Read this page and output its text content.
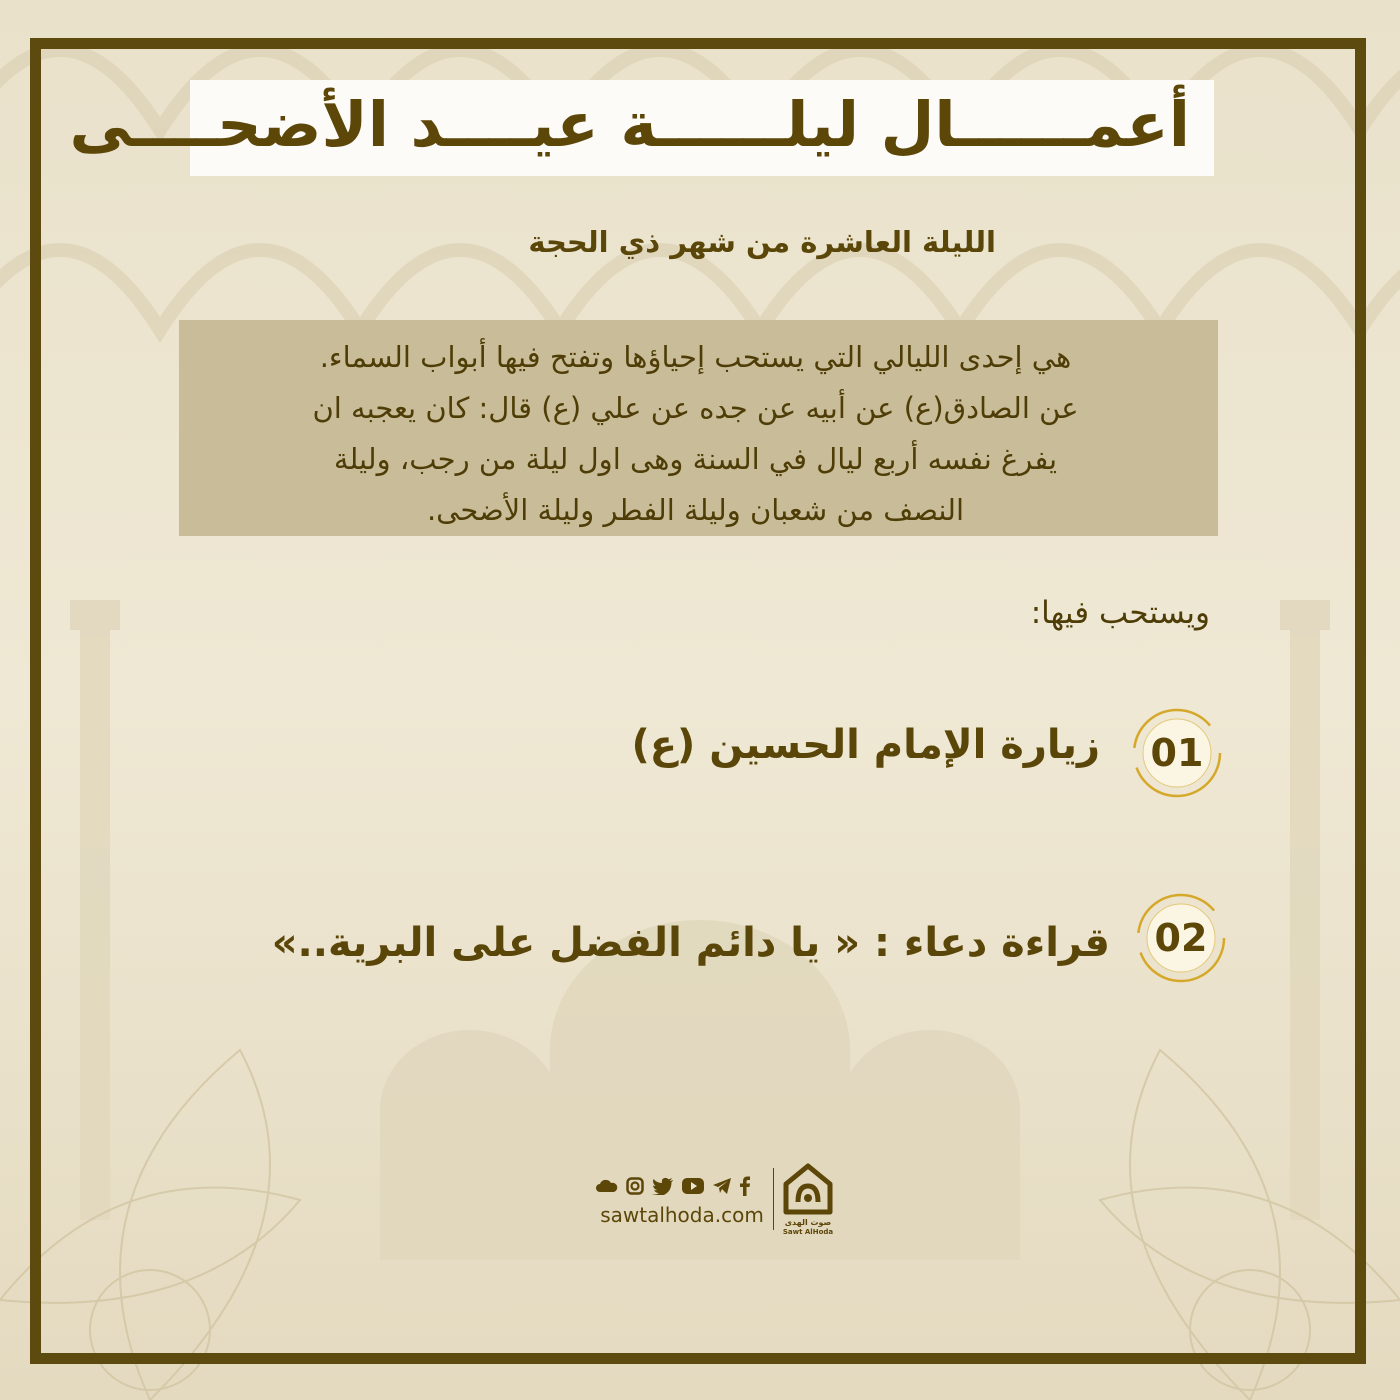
أعمــــــال ليلــــــة عيــــد الأضحــــى
الليلة العاشرة من شهر ذي الحجة

هي إحدى الليالي التي يستحب إحياؤها وتفتح فيها أبواب السماء.

عن الصادق(ع) عن أبيه عن جده عن علي (ع) قال: كان يعجبه ان

يفرغ نفسه أربع ليال في السنة وهى اول ليلة من رجب، وليلة

النصف من شعبان وليلة الفطر وليلة الأضحى.

ويستحب فيها:
01
زيارة الإمام الحسين (ع)
02
قراءة دعاء : « يا دائم الفضل على البرية..»
sawtalhoda.com	صوت الهدى
Sawt AlHoda
